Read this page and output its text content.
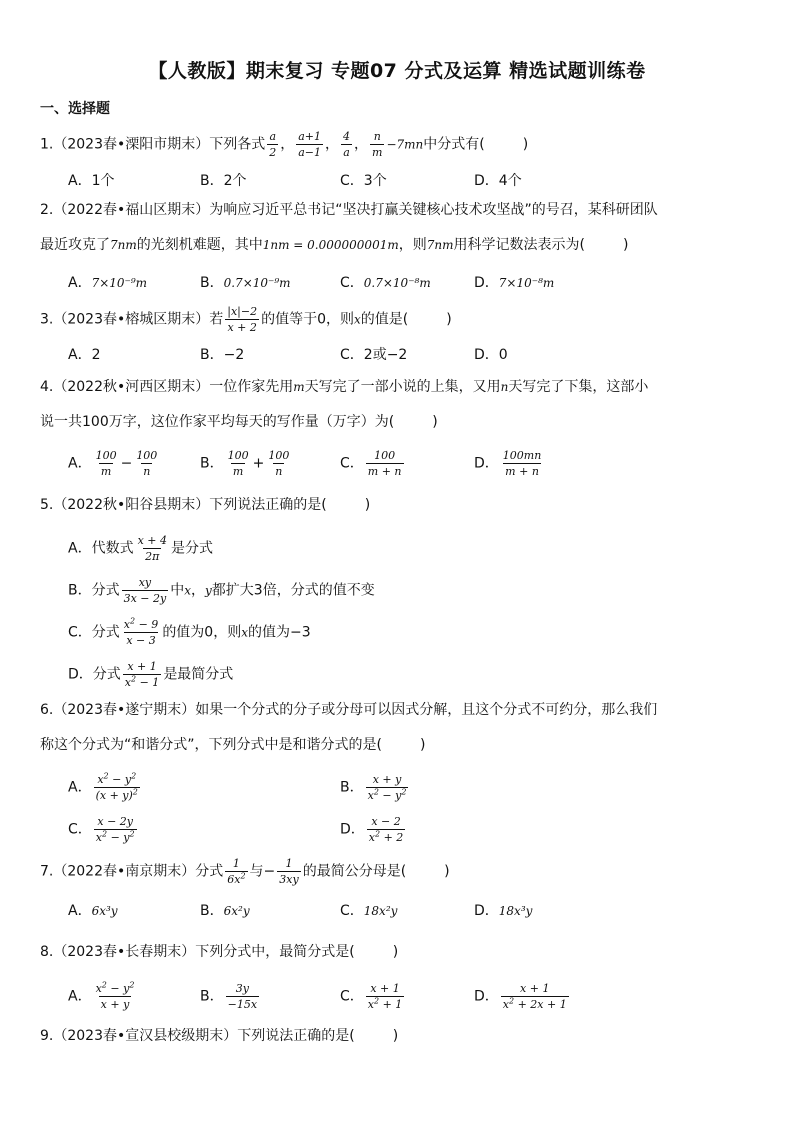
【人教版】期末复习 专题07 分式及运算 精选试题训练卷
一、选择题
1.（2023春•溧阳市期末）下列各式 $\frac{a}{2}$ ， $\frac{a+1}{a-1}$ ， $\frac{4}{a}$ ， $\frac{n}{m} -7mn$中分式有(	)
A．1个	B．2个	C．3个	D．4个
2.（2022春•福山区期末）为响应习近平总书记“坚决打赢关键核心技术攻坚战”的号召，某科研团队
最近攻克了7nm的光刻机难题，其中1nm = 0.000000001m，则7nm用科学记数法表示为(	)
A．7×10⁻⁹m	B．0.7×10⁻⁹m	C．0.7×10⁻⁸m	D．7×10⁻⁸m
3.（2023春•榕城区期末）若 $\frac{|x|-2}{x + 2}$ 的值等于0，则x的值是(	)
A．2	B．−2	C．2或−2	D．0
4.（2022秋•河西区期末）一位作家先用m天写完了一部小说的上集，又用n天写完了下集，这部小
说一共100万字，这位作家平均每天的写作量（万字）为(	)
A． $\frac{100}{m} - \frac{100}{n}$	B． $\frac{100}{m} + \frac{100}{n}$	C． $\frac{100}{m + n}$	D． $\frac{100mn}{m + n}$
5.（2022秋•阳谷县期末）下列说法正确的是(	)
A．代数式 $\frac{x + 4}{2\pi}$ 是分式
B．分式 $\frac{xy}{3x - 2y}$ 中x，y都扩大3倍，分式的值不变
C．分式 $\frac{x^2 - 9}{x - 3}$ 的值为0，则x的值为−3
D．分式 $\frac{x + 1}{x^2 - 1}$ 是最简分式
6.（2023春•遂宁期末）如果一个分式的分子或分母可以因式分解，且这个分式不可约分，那么我们
称这个分式为“和谐分式”，下列分式中是和谐分式的是(	)
A． $\frac{x^2 - y^2}{(x + y)^2}$	B． $\frac{x + y}{x^2 - y^2}$
C． $\frac{x - 2y}{x^2 - y^2}$	D． $\frac{x - 2}{x^2 + 2}$
7.（2022春•南京期末）分式 $\frac{1}{6x^2}$ 与− $\frac{1}{3xy}$ 的最简公分母是(	)
A．6x³y	B．6x²y	C．18x²y	D．18x³y
8.（2023春•长春期末）下列分式中，最简分式是(	)
A． $\frac{x^2 - y^2}{x + y}$	B． $\frac{3y}{-15x}$	C． $\frac{x + 1}{x^2 + 1}$	D． $\frac{x + 1}{x^2 + 2x + 1}$
9.（2023春•宣汉县校级期末）下列说法正确的是(	)
